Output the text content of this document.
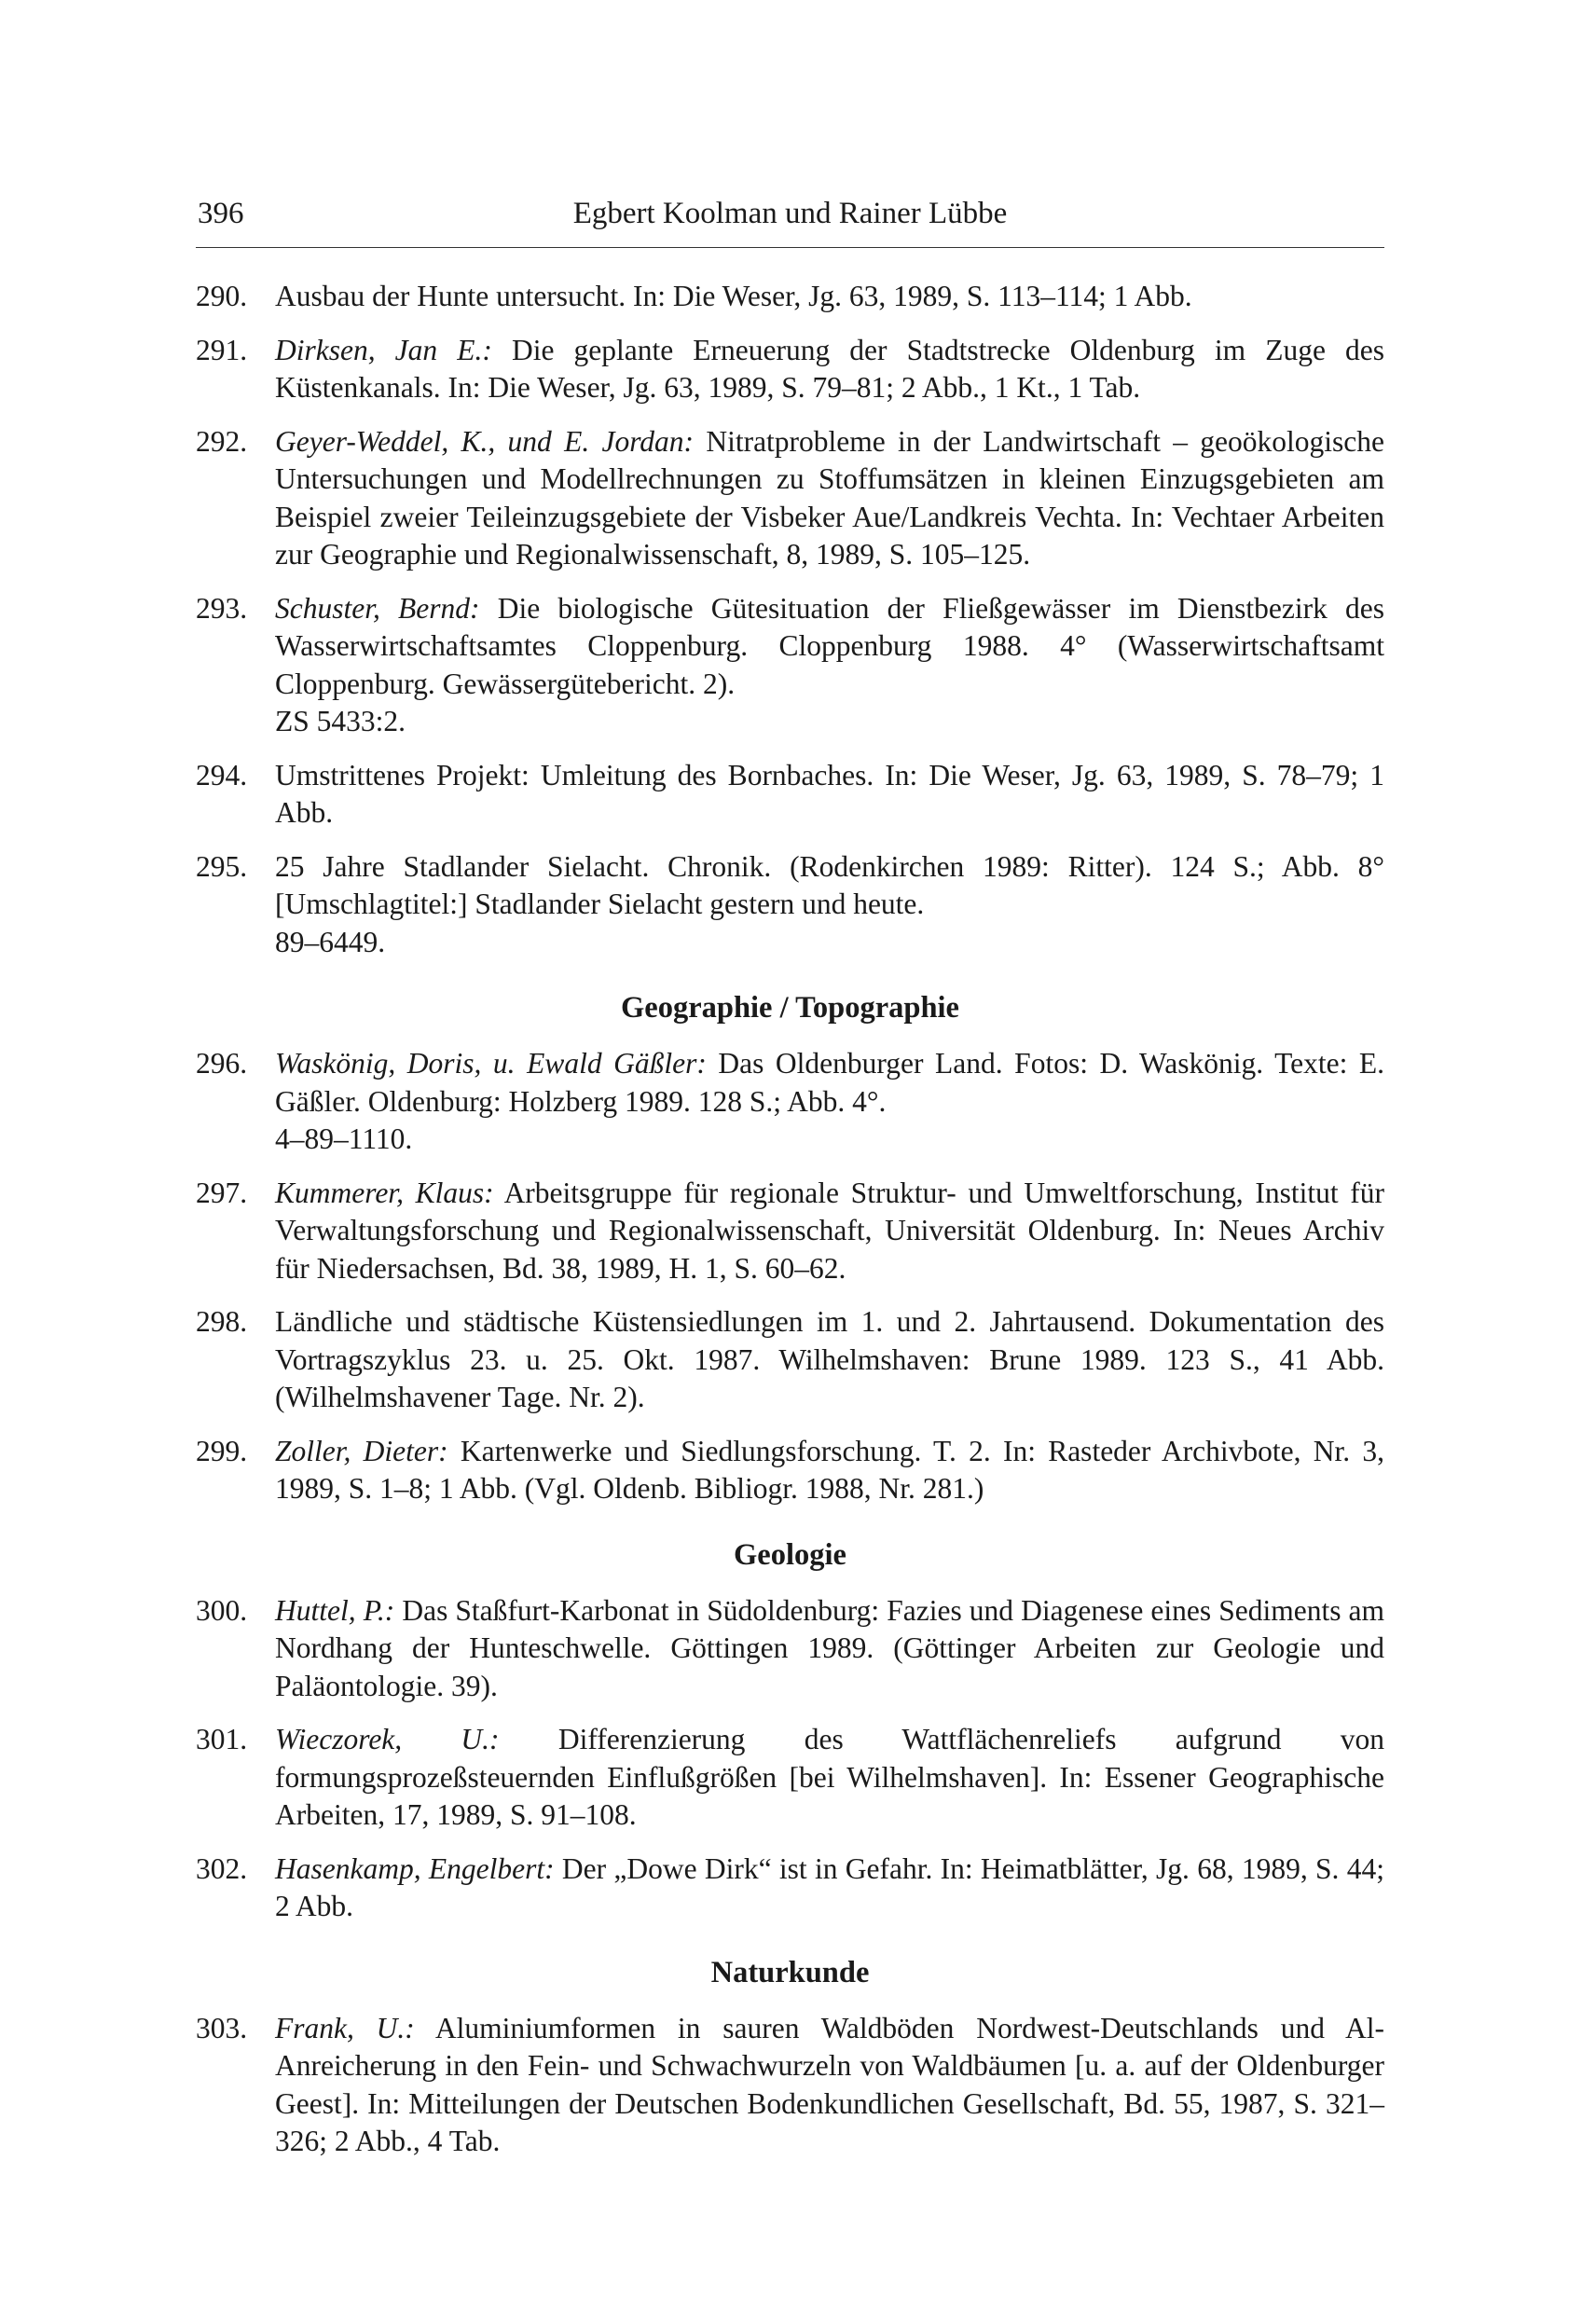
396	Egbert Koolman und Rainer Lübbe
290. Ausbau der Hunte untersucht. In: Die Weser, Jg. 63, 1989, S. 113–114; 1 Abb.
291. Dirksen, Jan E.: Die geplante Erneuerung der Stadtstrecke Oldenburg im Zuge des Küstenkanals. In: Die Weser, Jg. 63, 1989, S. 79–81; 2 Abb., 1 Kt., 1 Tab.
292. Geyer-Weddel, K., und E. Jordan: Nitratprobleme in der Landwirtschaft – geoökologische Untersuchungen und Modellrechnungen zu Stoffumsätzen in kleinen Einzugsgebieten am Beispiel zweier Teileinzugsgebiete der Visbeker Aue/Landkreis Vechta. In: Vechtaer Arbeiten zur Geographie und Regionalwissenschaft, 8, 1989, S. 105–125.
293. Schuster, Bernd: Die biologische Gütesituation der Fließgewässer im Dienstbezirk des Wasserwirtschaftsamtes Cloppenburg. Cloppenburg 1988. 4° (Wasserwirtschaftsamt Cloppenburg. Gewässergütebericht. 2).
ZS 5433:2.
294. Umstrittenes Projekt: Umleitung des Bornbaches. In: Die Weser, Jg. 63, 1989, S. 78–79; 1 Abb.
295. 25 Jahre Stadlander Sielacht. Chronik. (Rodenkirchen 1989: Ritter). 124 S.; Abb. 8° [Umschlagtitel:] Stadlander Sielacht gestern und heute.
89–6449.
Geographie / Topographie
296. Waskönig, Doris, u. Ewald Gäßler: Das Oldenburger Land. Fotos: D. Waskönig. Texte: E. Gäßler. Oldenburg: Holzberg 1989. 128 S.; Abb. 4°.
4–89–1110.
297. Kummerer, Klaus: Arbeitsgruppe für regionale Struktur- und Umweltforschung, Institut für Verwaltungsforschung und Regionalwissenschaft, Universität Oldenburg. In: Neues Archiv für Niedersachsen, Bd. 38, 1989, H. 1, S. 60–62.
298. Ländliche und städtische Küstensiedlungen im 1. und 2. Jahrtausend. Dokumentation des Vortragszyklus 23. u. 25. Okt. 1987. Wilhelmshaven: Brune 1989. 123 S., 41 Abb. (Wilhelmshavener Tage. Nr. 2).
299. Zoller, Dieter: Kartenwerke und Siedlungsforschung. T. 2. In: Rasteder Archivbote, Nr. 3, 1989, S. 1–8; 1 Abb. (Vgl. Oldenb. Bibliogr. 1988, Nr. 281.)
Geologie
300. Huttel, P.: Das Staßfurt-Karbonat in Südoldenburg: Fazies und Diagenese eines Sediments am Nordhang der Hunteschwelle. Göttingen 1989. (Göttinger Arbeiten zur Geologie und Paläontologie. 39).
301. Wieczorek, U.: Differenzierung des Wattflächenreliefs aufgrund von formungsprozeßsteuernden Einflußgrößen [bei Wilhelmshaven]. In: Essener Geographische Arbeiten, 17, 1989, S. 91–108.
302. Hasenkamp, Engelbert: Der „Dowe Dirk“ ist in Gefahr. In: Heimatblätter, Jg. 68, 1989, S. 44; 2 Abb.
Naturkunde
303. Frank, U.: Aluminiumformen in sauren Waldböden Nordwest-Deutschlands und Al-Anreicherung in den Fein- und Schwachwurzeln von Waldbäumen [u. a. auf der Oldenburger Geest]. In: Mitteilungen der Deutschen Bodenkundlichen Gesellschaft, Bd. 55, 1987, S. 321–326; 2 Abb., 4 Tab.
